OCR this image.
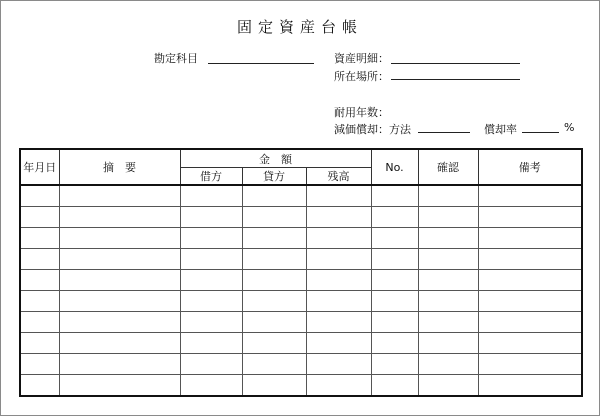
固定資産台帳
勘定科目	資産明細：
所在場所：
耐用年数：
減価償却：方法	償却率	%
年月日	摘　要	金　額			No.	確認	備考
		借方	貸方	残高			
